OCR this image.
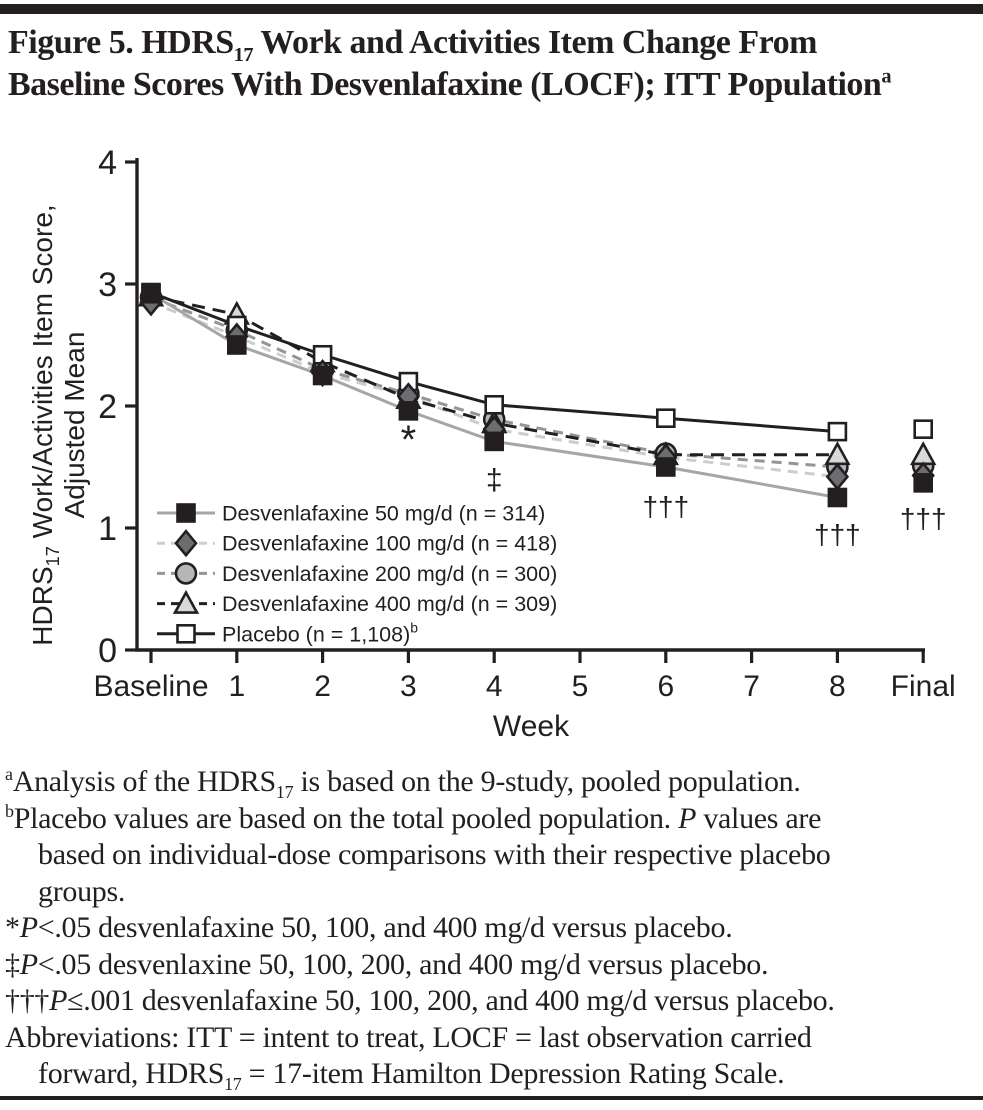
Figure 5. $HDRS_{17}$ Work and Activities Item Change From
Baseline Scores With Desvenlafaxine (LOCF); ITT Population$^a$
0
1
2
3
4
Baseline 1 2 3 4 5 6 7 8 Final
Week
$HDRS_{17}$ Work/Activities Item Score, Adjusted Mean	*
‡
†††
†††
†††
Desvenlafaxine 50 mg/d (n = 314)
Desvenlafaxine 100 mg/d (n = 418)
Desvenlafaxine 200 mg/d (n = 300)
Desvenlafaxine 400 mg/d (n = 309)
Placebo (n = 1,108)$^b$
$^a$Analysis of the $HDRS_{17}$ is based on the 9-study, pooled population.
$^b$Placebo values are based on the total pooled population. P values are
based on individual-dose comparisons with their respective placebo
groups.
*P<.05 desvenlafaxine 50, 100, and 400 mg/d versus placebo.
‡P<.05 desvenlaxine 50, 100, 200, and 400 mg/d versus placebo.
†††P≤.001 desvenlafaxine 50, 100, 200, and 400 mg/d versus placebo.
Abbreviations: ITT = intent to treat, LOCF = last observation carried
forward, $HDRS_{17}$ = 17-item Hamilton Depression Rating Scale.
